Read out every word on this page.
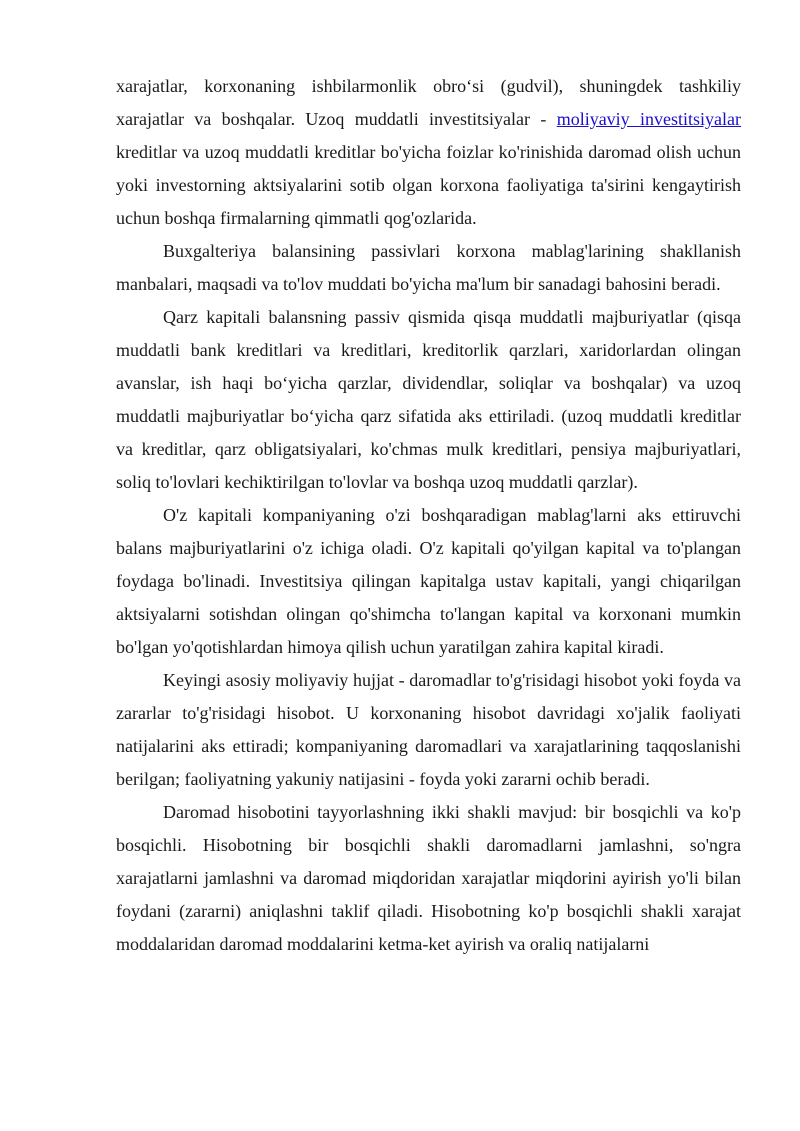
xarajatlar, korxonaning ishbilarmonlik obro‘si (gudvil), shuningdek tashkiliy xarajatlar va boshqalar. Uzoq muddatli investitsiyalar - moliyaviy investitsiyalar kreditlar va uzoq muddatli kreditlar bo'yicha foizlar ko'rinishida daromad olish uchun yoki investorning aktsiyalarini sotib olgan korxona faoliyatiga ta'sirini kengaytirish uchun boshqa firmalarning qimmatli qog'ozlarida.

Buxgalteriya balansining passivlari korxona mablag'larining shakllanish manbalari, maqsadi va to'lov muddati bo'yicha ma'lum bir sanadagi bahosini beradi.

Qarz kapitali balansning passiv qismida qisqa muddatli majburiyatlar (qisqa muddatli bank kreditlari va kreditlari, kreditorlik qarzlari, xaridorlardan olingan avanslar, ish haqi bo‘yicha qarzlar, dividendlar, soliqlar va boshqalar) va uzoq muddatli majburiyatlar bo‘yicha qarz sifatida aks ettiriladi. (uzoq muddatli kreditlar va kreditlar, qarz obligatsiyalari, ko'chmas mulk kreditlari, pensiya majburiyatlari, soliq to'lovlari kechiktirilgan to'lovlar va boshqa uzoq muddatli qarzlar).

O'z kapitali kompaniyaning o'zi boshqaradigan mablag'larni aks ettiruvchi balans majburiyatlarini o'z ichiga oladi. O'z kapitali qo'yilgan kapital va to'plangan foydaga bo'linadi. Investitsiya qilingan kapitalga ustav kapitali, yangi chiqarilgan aktsiyalarni sotishdan olingan qo'shimcha to'langan kapital va korxonani mumkin bo'lgan yo'qotishlardan himoya qilish uchun yaratilgan zahira kapital kiradi.

Keyingi asosiy moliyaviy hujjat - daromadlar to'g'risidagi hisobot yoki foyda va zararlar to'g'risidagi hisobot. U korxonaning hisobot davridagi xo'jalik faoliyati natijalarini aks ettiradi; kompaniyaning daromadlari va xarajatlarining taqqoslanishi berilgan; faoliyatning yakuniy natijasini - foyda yoki zararni ochib beradi.

Daromad hisobotini tayyorlashning ikki shakli mavjud: bir bosqichli va ko'p bosqichli. Hisobotning bir bosqichli shakli daromadlarni jamlashni, so'ngra xarajatlarni jamlashni va daromad miqdoridan xarajatlar miqdorini ayirish yo'li bilan foydani (zararni) aniqlashni taklif qiladi. Hisobotning ko'p bosqichli shakli xarajat moddalaridan daromad moddalarini ketma-ket ayirish va oraliq natijalarni
